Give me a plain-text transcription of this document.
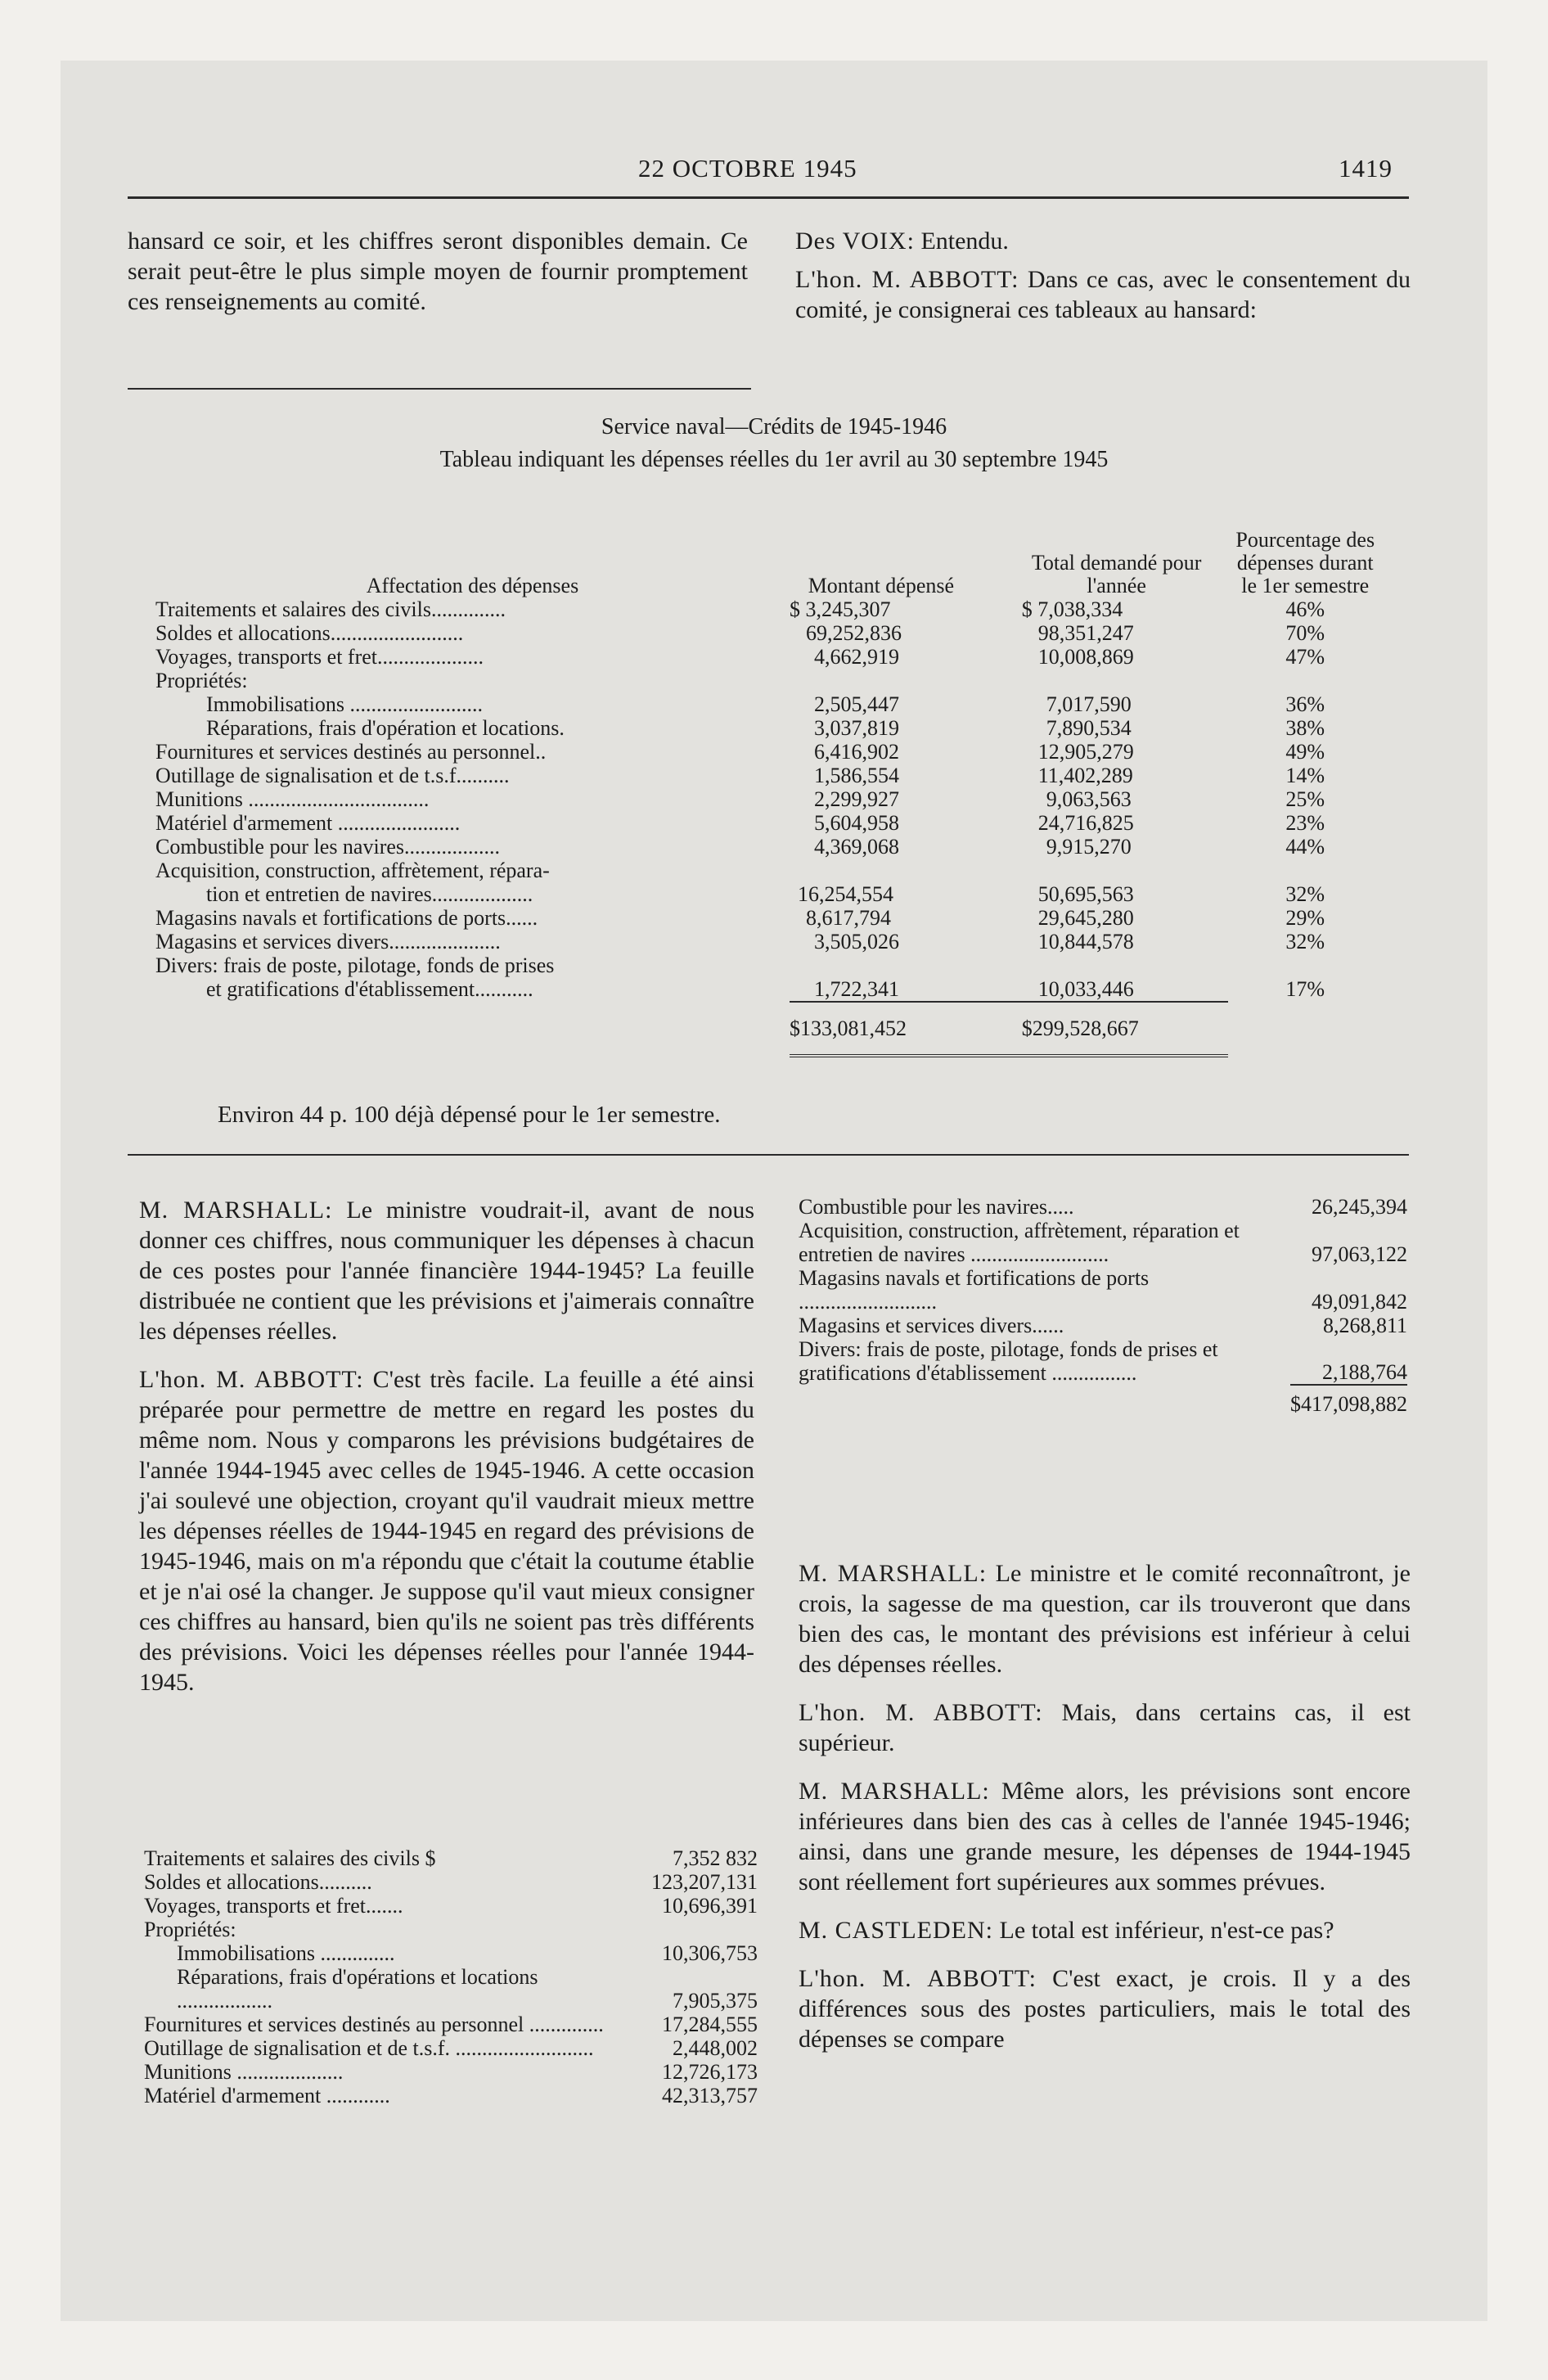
22 OCTOBRE 1945	1419
hansard ce soir, et les chiffres seront disponibles demain. Ce serait peut-être le plus simple moyen de fournir promptement ces renseignements au comité.

Des VOIX: Entendu.

L'hon. M. ABBOTT: Dans ce cas, avec le consentement du comité, je consignerai ces tableaux au hansard:

Service naval—Crédits de 1945-1946
Tableau indiquant les dépenses réelles du 1er avril au 30 septembre 1945
Affectation des dépenses	Montant dépensé	Total demandé pour l'année	Pourcentage des dépenses durant le 1er semestre
Traitements et salaires des civils..............	$ 3,245,307	$ 7,038,334	46%
Soldes et allocations.........................	69,252,836	98,351,247	70%
Voyages, transports et fret....................	4,662,919	10,008,869	47%
Propriétés:			
Immobilisations .........................	2,505,447	7,017,590	36%
Réparations, frais d'opération et locations.	3,037,819	7,890,534	38%
Fournitures et services destinés au personnel..	6,416,902	12,905,279	49%
Outillage de signalisation et de t.s.f..........	1,586,554	11,402,289	14%
Munitions ..................................	2,299,927	9,063,563	25%
Matériel d'armement .......................	5,604,958	24,716,825	23%
Combustible pour les navires..................	4,369,068	9,915,270	44%
Acquisition, construction, affrètement, répara-			
tion et entretien de navires...................	16,254,554	50,695,563	32%
Magasins navals et fortifications de ports......	8,617,794	29,645,280	29%
Magasins et services divers.....................	3,505,026	10,844,578	32%
Divers: frais de poste, pilotage, fonds de prises			
et gratifications d'établissement...........	1,722,341	10,033,446	17%
	$133,081,452	$299,528,667	
Environ 44 p. 100 déjà dépensé pour le 1er semestre.

M. MARSHALL: Le ministre voudrait-il, avant de nous donner ces chiffres, nous communiquer les dépenses à chacun de ces postes pour l'année financière 1944-1945? La feuille distribuée ne contient que les prévisions et j'aimerais connaître les dépenses réelles.

L'hon. M. ABBOTT: C'est très facile. La feuille a été ainsi préparée pour permettre de mettre en regard les postes du même nom. Nous y comparons les prévisions budgétaires de l'année 1944-1945 avec celles de 1945-1946. A cette occasion j'ai soulevé une objection, croyant qu'il vaudrait mieux mettre les dépenses réelles de 1944-1945 en regard des prévisions de 1945-1946, mais on m'a répondu que c'était la coutume établie et je n'ai osé la changer. Je suppose qu'il vaut mieux consigner ces chiffres au hansard, bien qu'ils ne soient pas très différents des prévisions. Voici les dépenses réelles pour l'année 1944-1945.

Traitements et salaires des civils $	7,352 832
Soldes et allocations..........	123,207,131
Voyages, transports et fret.......	10,696,391
Propriétés:	
Immobilisations ..............	10,306,753
Réparations, frais d'opérations et locations ..................	7,905,375
Fournitures et services destinés au personnel ..............	17,284,555
Outillage de signalisation et de t.s.f. ..........................	2,448,002
Munitions ....................	12,726,173
Matériel d'armement ............	42,313,757
Combustible pour les navires.....	26,245,394
Acquisition, construction, affrètement, réparation et entretien de navires ..........................	97,063,122
Magasins navals et fortifications de ports ..........................	49,091,842
Magasins et services divers......	8,268,811
Divers: frais de poste, pilotage, fonds de prises et gratifications d'établissement ................	2,188,764
	$417,098,882

M. MARSHALL: Le ministre et le comité reconnaîtront, je crois, la sagesse de ma question, car ils trouveront que dans bien des cas, le montant des prévisions est inférieur à celui des dépenses réelles.

L'hon. M. ABBOTT: Mais, dans certains cas, il est supérieur.

M. MARSHALL: Même alors, les prévisions sont encore inférieures dans bien des cas à celles de l'année 1945-1946; ainsi, dans une grande mesure, les dépenses de 1944-1945 sont réellement fort supérieures aux sommes prévues.

M. CASTLEDEN: Le total est inférieur, n'est-ce pas?

L'hon. M. ABBOTT: C'est exact, je crois. Il y a des différences sous des postes particuliers, mais le total des dépenses se compare
